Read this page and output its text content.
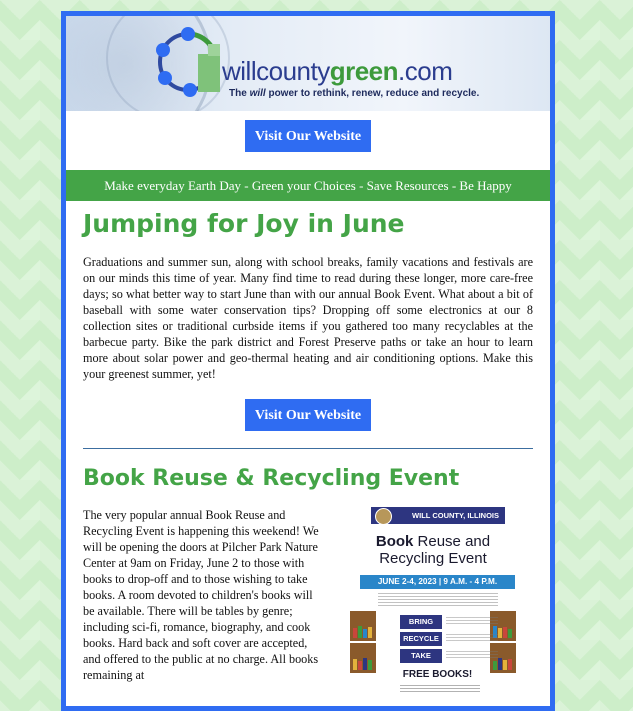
willcountygreen.com
The will power to rethink, renew, reduce and recycle.
Visit Our Website
Make everyday Earth Day - Green your Choices - Save Resources - Be Happy
Jumping for Joy in June

Graduations and summer sun, along with school breaks, family vacations and festivals are on our minds this time of year. Many find time to read during these longer, more care-free days; so what better way to start June than with our annual Book Event. What about a bit of baseball with some water conservation tips? Dropping off some electronics at our 8 collection sites or traditional curbside items if you gathered too many recyclables at the barbecue party. Bike the park district and Forest Preserve paths or take an hour to learn more about solar power and geo-thermal heating and air conditioning options. Make this your greenest summer, yet!

Visit Our Website
Book Reuse & Recycling Event
The very popular annual Book Reuse and Recycling Event is happening this weekend! We will be opening the doors at Pilcher Park Nature Center at 9am on Friday, June 2 to those with books to drop-off and to those wishing to take books. A room devoted to children's books will be available. There will be tables by genre; including sci-fi, romance, biography, and cook books. Hard back and soft cover are accepted, and offered to the public at no charge. All books remaining at
WILL COUNTY, ILLINOIS
Book Reuse and
Recycling Event
JUNE 2-4, 2023 | 9 A.M. - 4 P.M.
BRING
RECYCLE
TAKE
FREE BOOKS!
